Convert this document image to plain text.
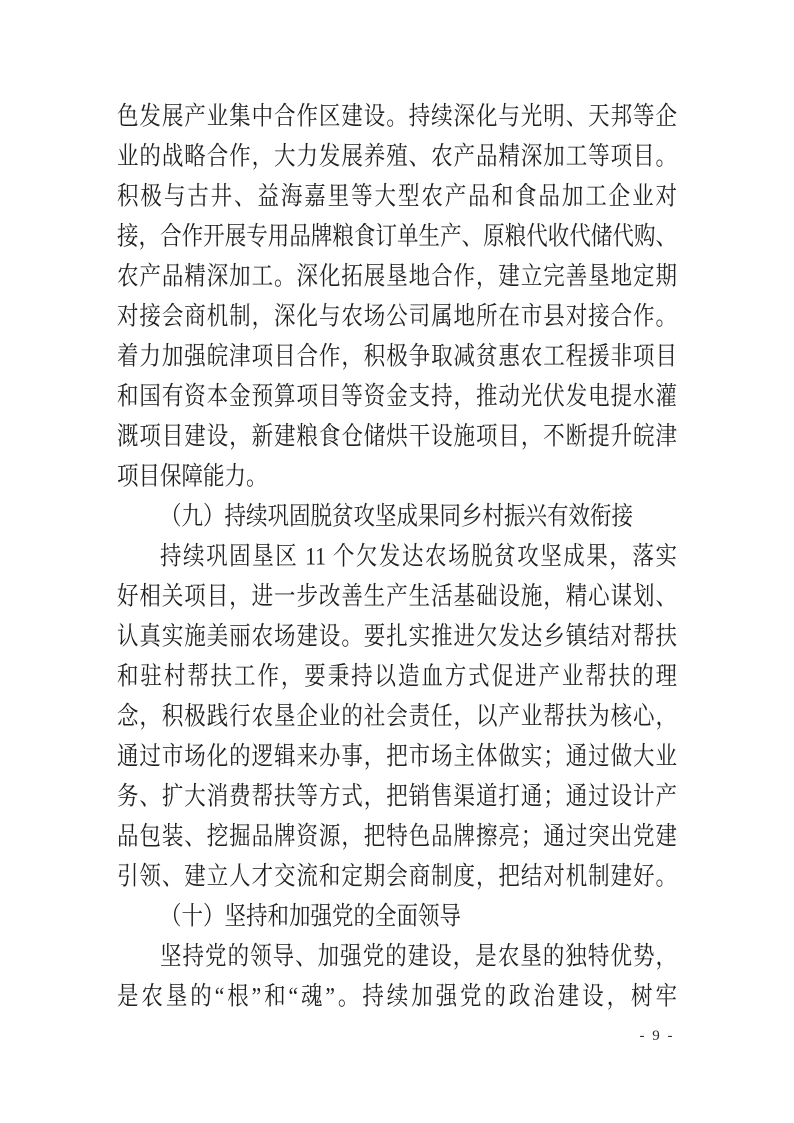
色发展产业集中合作区建设。持续深化与光明、天邦等企
业的战略合作，大力发展养殖、农产品精深加工等项目。
积极与古井、益海嘉里等大型农产品和食品加工企业对
接，合作开展专用品牌粮食订单生产、原粮代收代储代购、
农产品精深加工。深化拓展垦地合作，建立完善垦地定期
对接会商机制，深化与农场公司属地所在市县对接合作。
着力加强皖津项目合作，积极争取减贫惠农工程援非项目
和国有资本金预算项目等资金支持，推动光伏发电提水灌
溉项目建设，新建粮食仓储烘干设施项目，不断提升皖津
项目保障能力。
（九）持续巩固脱贫攻坚成果同乡村振兴有效衔接
持续巩固垦区 11 个欠发达农场脱贫攻坚成果，落实
好相关项目，进一步改善生产生活基础设施，精心谋划、
认真实施美丽农场建设。要扎实推进欠发达乡镇结对帮扶
和驻村帮扶工作，要秉持以造血方式促进产业帮扶的理
念，积极践行农垦企业的社会责任，以产业帮扶为核心，
通过市场化的逻辑来办事，把市场主体做实；通过做大业
务、扩大消费帮扶等方式，把销售渠道打通；通过设计产
品包装、挖掘品牌资源，把特色品牌擦亮；通过突出党建
引领、建立人才交流和定期会商制度，把结对机制建好。
（十）坚持和加强党的全面领导
坚持党的领导、加强党的建设，是农垦的独特优势，
是农垦的“根”和“魂”。持续加强党的政治建设，树牢
- 9 -
